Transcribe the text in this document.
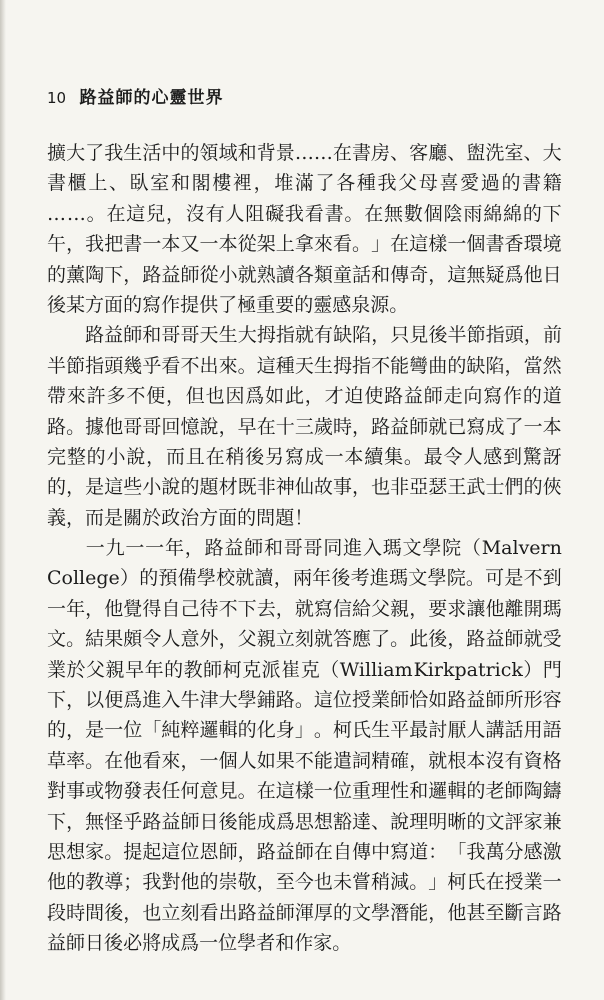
10 路益師的心靈世界
擴 大 了 我 生 活 中 的 領 域 和 背 景 … … 在 書 房 、 客 廳 、 盥 洗 室 、 大
書 櫃 上 、 臥 室 和 閣 樓 裡 ， 堆 滿 了 各 種 我 父 母 喜 愛 過 的 書 籍
… … 。 在 這 兒 ， 沒 有 人 阻 礙 我 看 書 。 在 無 數 個 陰 雨 綿 綿 的 下
午 ， 我 把 書 一 本 又 一 本 從 架 上 拿 來 看 。 」 在 這 樣 一 個 書 香 環 境
的 薰 陶 下 ， 路 益 師 從 小 就 熟 讀 各 類 童 話 和 傳 奇 ， 這 無 疑 爲 他 日
後 某 方 面 的 寫 作 提 供 了 極 重 要 的 靈 感 泉 源 。
路 益 師 和 哥 哥 天 生 大 拇 指 就 有 缺 陷 ， 只 見 後 半 節 指 頭 ， 前
半 節 指 頭 幾 乎 看 不 出 來 。 這 種 天 生 拇 指 不 能 彎 曲 的 缺 陷 ， 當 然
帶 來 許 多 不 便 ， 但 也 因 爲 如 此 ， 才 迫 使 路 益 師 走 向 寫 作 的 道
路 。 據 他 哥 哥 回 憶 說 ， 早 在 十 三 歲 時 ， 路 益 師 就 已 寫 成 了 一 本
完 整 的 小 說 ， 而 且 在 稍 後 另 寫 成 一 本 續 集 。 最 令 人 感 到 驚 訝
的 ， 是 這 些 小 說 的 題 材 既 非 神 仙 故 事 ， 也 非 亞 瑟 王 武 士 們 的 俠
義 ， 而 是 關 於 政 治 方 面 的 問 題 ！
一 九 一 一 年 ， 路 益 師 和 哥 哥 同 進 入 瑪 文 學 院 （ Malvern
College ） 的 預 備 學 校 就 讀 ， 兩 年 後 考 進 瑪 文 學 院 。 可 是 不 到
一 年 ， 他 覺 得 自 己 待 不 下 去 ， 就 寫 信 給 父 親 ， 要 求 讓 他 離 開 瑪
文 。 結 果 頗 令 人 意 外 ， 父 親 立 刻 就 答 應 了 。 此 後 ， 路 益 師 就 受
業 於 父 親 早 年 的 教 師 柯 克 派 崔 克 （ William Kirkpatrick ） 門
下 ， 以 便 爲 進 入 牛 津 大 學 鋪 路 。 這 位 授 業 師 恰 如 路 益 師 所 形 容
的 ， 是 一 位 「 純 粹 邏 輯 的 化 身 」 。 柯 氏 生 平 最 討 厭 人 講 話 用 語
草 率 。 在 他 看 來 ， 一 個 人 如 果 不 能 遣 詞 精 確 ， 就 根 本 沒 有 資 格
對 事 或 物 發 表 任 何 意 見 。 在 這 樣 一 位 重 理 性 和 邏 輯 的 老 師 陶 鑄
下 ， 無 怪 乎 路 益 師 日 後 能 成 爲 思 想 豁 達 、 說 理 明 晰 的 文 評 家 兼
思 想 家 。 提 起 這 位 恩 師 ， 路 益 師 在 自 傳 中 寫 道 ： 「 我 萬 分 感 激
他 的 教 導 ； 我 對 他 的 崇 敬 ， 至 今 也 未 嘗 稍 減 。 」 柯 氏 在 授 業 一
段 時 間 後 ， 也 立 刻 看 出 路 益 師 渾 厚 的 文 學 潛 能 ， 他 甚 至 斷 言 路
益 師 日 後 必 將 成 爲 一 位 學 者 和 作 家 。
